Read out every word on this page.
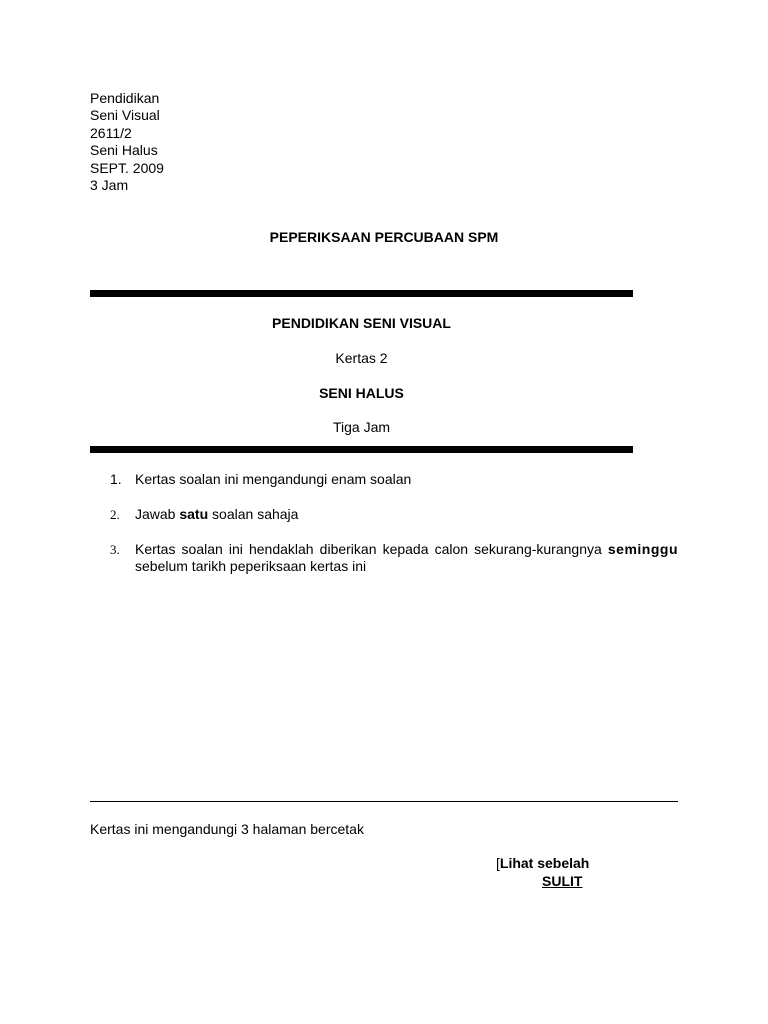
Pendidikan
Seni Visual
2611/2
Seni Halus
SEPT. 2009
3 Jam
PEPERIKSAAN PERCUBAAN SPM
PENDIDIKAN SENI VISUAL
Kertas 2
SENI HALUS
Tiga Jam
1. Kertas soalan ini mengandungi enam soalan
2.	Jawab satu soalan sahaja
3.	Kertas soalan ini hendaklah diberikan kepada calon sekurang-kurangnya seminggu  sebelum tarikh peperiksaan kertas ini
Kertas ini mengandungi 3 halaman bercetak
[Lihat sebelah
SULIT
